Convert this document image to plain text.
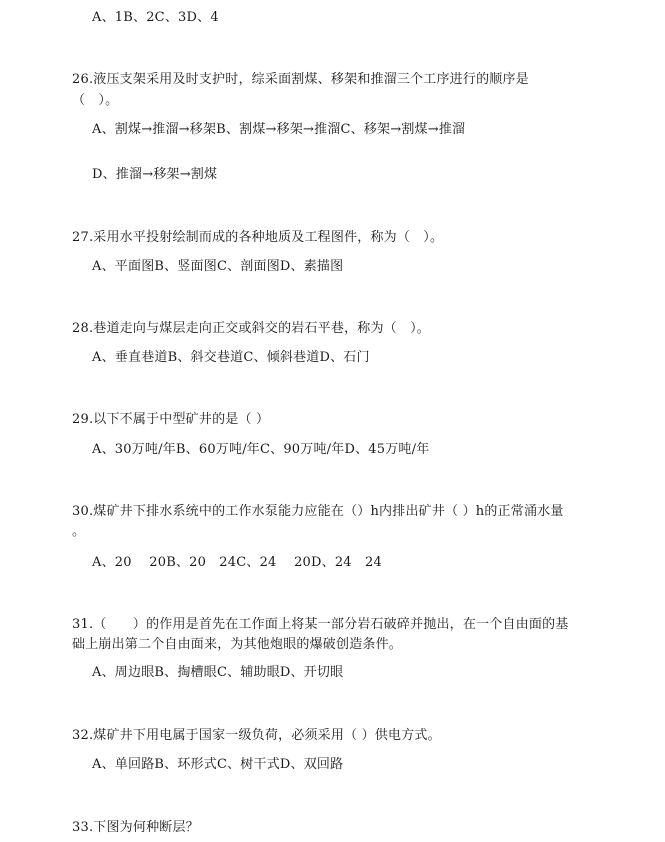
A、1B、2C、3D、4
26.液压支架采用及时支护时，综采面割煤、移架和推溜三个工序进行的顺序是
（　）。
A、割煤→推溜→移架B、割煤→移架→推溜C、移架→割煤→推溜
D、推溜→移架→割煤
27.采用水平投射绘制而成的各种地质及工程图件，称为（　）。
A、平面图B、竖面图C、剖面图D、素描图
28.巷道走向与煤层走向正交或斜交的岩石平巷，称为（　）。
A、垂直巷道B、斜交巷道C、倾斜巷道D、石门
29.以下不属于中型矿井的是（ ）
A、30万吨/年B、60万吨/年C、90万吨/年D、45万吨/年
30.煤矿井下排水系统中的工作水泵能力应能在（）h内排出矿井（ ）h的正常涌水量
。
A、20　 20B、20　24C、24　 20D、24　24
31.（　　）的作用是首先在工作面上将某一部分岩石破碎并抛出，在一个自由面的基
础上崩出第二个自由面来，为其他炮眼的爆破创造条件。
A、周边眼B、掏槽眼C、辅助眼D、开切眼
32.煤矿井下用电属于国家一级负荷，必须采用（ ）供电方式。
A、单回路B、环形式C、树干式D、双回路
33.下图为何种断层？
